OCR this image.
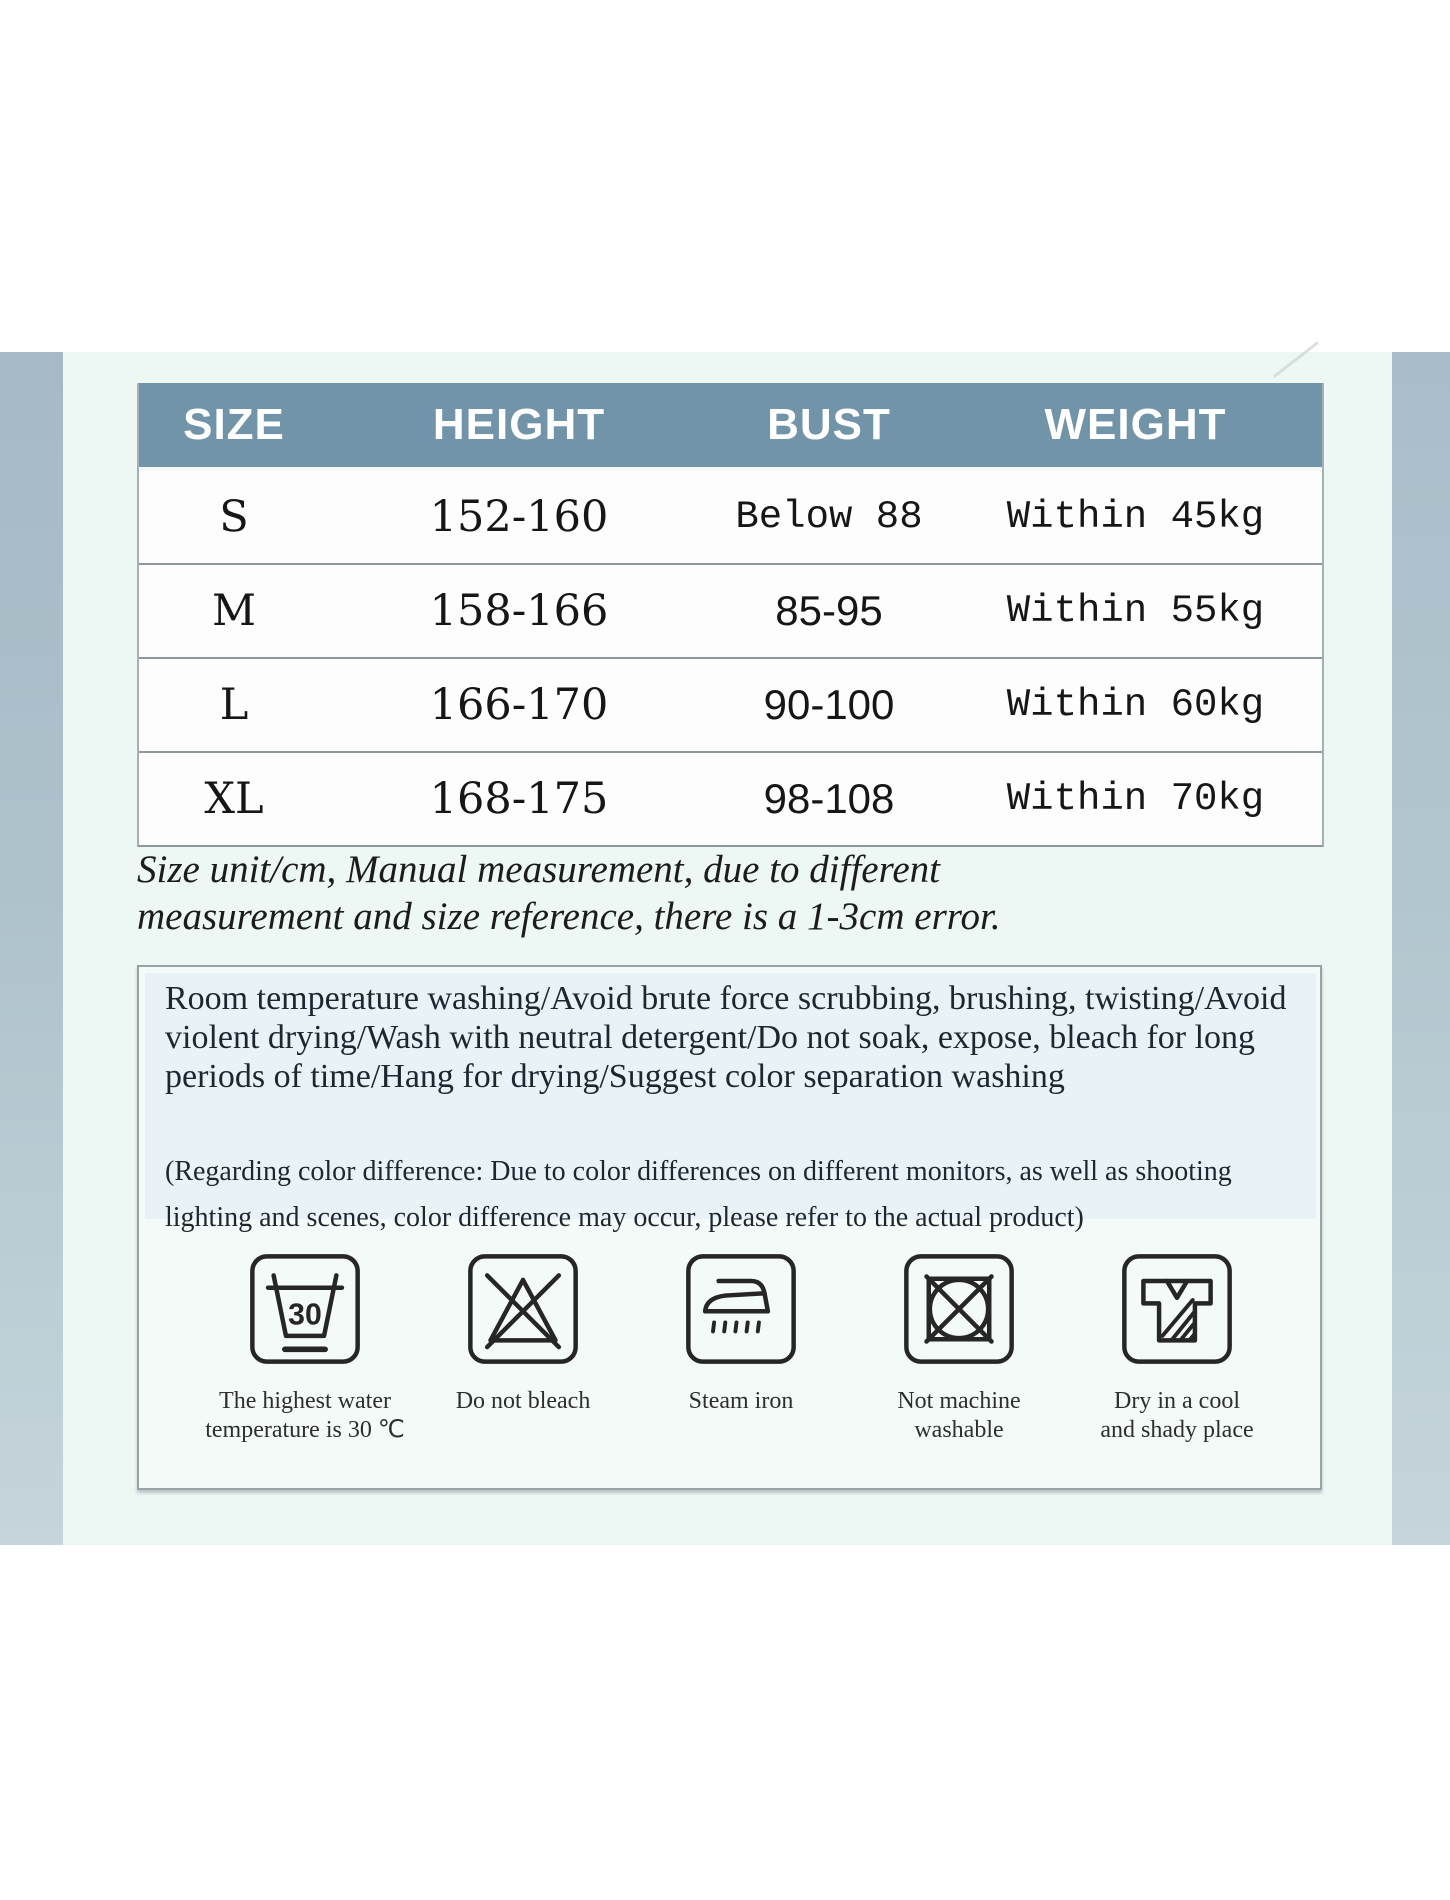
SIZE	HEIGHT	BUST	WEIGHT
S	152-160	Below 88	Within 45kg
M	158-166	85-95	Within 55kg
L	166-170	90-100	Within 60kg
XL	168-175	98-108	Within 70kg

Size unit/cm, Manual measurement, due to different measurement and size reference, there is a 1-3cm error.

Room temperature washing/Avoid brute force scrubbing, brushing, twisting/Avoid violent drying/Wash with neutral detergent/Do not soak, expose, bleach for long periods of time/Hang for drying/Suggest color separation washing

(Regarding color difference: Due to color differences on different monitors, as well as shooting lighting and scenes, color difference may occur, please refer to the actual product)

30
The highest water
temperature is 30 ℃
Do not bleach	Steam iron	Not machine
washable
Dry in a cool
and shady place
